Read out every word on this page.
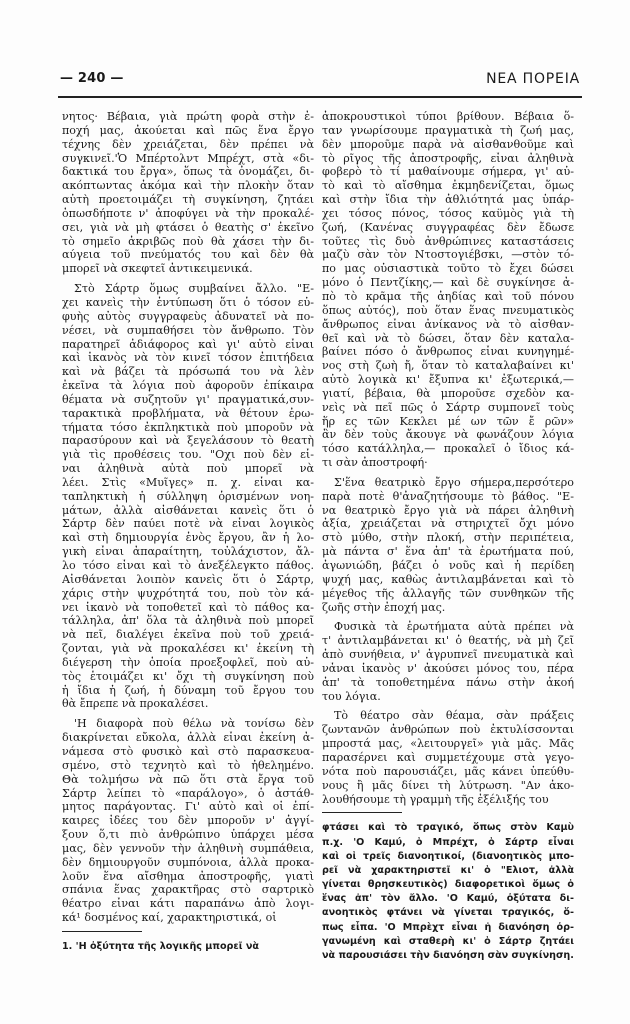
— 240 —	ΝΕΑ ΠΟΡΕΙΑ
νητος· Βέβαια, γιὰ πρώτη φορὰ στὴν ἐ-
ποχή μας, ἀκούεται καὶ πῶς ἕνα ἔργο
τέχνης δὲν χρειάζεται, δὲν πρέπει νὰ
συγκινεῖ.'Ὁ Μπέρτολντ Μπρέχτ, στὰ «δι-
δακτικά του ἔργα», ὅπως τὰ ὀνομάζει, δι-
ακόπτωντας ἀκόμα καὶ τὴν πλοκὴν ὅταν
αὐτὴ προετοιμάζει τὴ συγκίνηση, ζητάει
ὁπωσδήποτε ν' ἀποφύγει νὰ τὴν προκαλέ-
σει, γιὰ νὰ μὴ φτάσει ὁ θεατὴς σ' ἐκεῖνο
τὸ σημεῖο ἀκριβῶς ποὺ θὰ χάσει τὴν δι-
αύγεια τοῦ πνεύματός του καὶ δὲν θὰ
μπορεῖ νὰ σκεφτεῖ ἀντικειμενικά.
Στὸ Σάρτρ ὅμως συμβαίνει ἄλλο. "Ε-
χει κανεὶς τὴν ἐντύπωση ὅτι ὁ τόσον εὐ-
φυὴς αὐτὸς συγγραφεὺς ἀδυνατεῖ νὰ πο-
νέσει, νὰ συμπαθήσει τὸν ἄνθρωπο. Τὸν
παρατηρεῖ ἀδιάφορος καὶ γι' αὐτὸ εἶναι
καὶ ἱκανὸς νὰ τὸν κινεῖ τόσον ἐπιτήδεια
καὶ νὰ βάζει τὰ πρόσωπά του νὰ λὲν
ἐκεῖνα τὰ λόγια ποὺ ἀφοροῦν ἐπίκαιρα
θέματα νὰ συζητοῦν γι' πραγματικά,συν-
ταρακτικὰ προβλήματα, νὰ θέτουν ἐρω-
τήματα τόσο ἐκπληκτικὰ ποὺ μποροῦν νὰ
παρασύρουν καὶ νὰ ξεγελάσουν τὸ θεατὴ
γιὰ τὶς προθέσεις του. "Οχι ποὺ δὲν εἶ-
ναι ἀληθινὰ αὐτὰ ποὺ μπορεῖ νὰ
λέει. Στὶς «Μυῖγες» π. χ. εἶναι κα-
ταπληκτικὴ ἡ σύλληψη ὁρισμένων νοη-
μάτων, ἀλλὰ αἰσθάνεται κανεὶς ὅτι ὁ
Σάρτρ δὲν παύει ποτὲ νὰ εἶναι λογικὸς
καὶ στὴ δημιουργία ἑνὸς ἔργου, ἂν ἡ λο-
γικὴ εἶναι ἀπαραίτητη, τοὐλάχιστον, ἄλ-
λο τόσο εἶναι καὶ τὸ ἀνεξέλεγκτο πάθος.
Αἰσθάνεται λοιπὸν κανεὶς ὅτι ὁ Σάρτρ,
χάρις στὴν ψυχρότητά του, ποὺ τὸν κά-
νει ἱκανὸ νὰ τοποθετεῖ καὶ τὸ πάθος κα-
τάλληλα, ἀπ' ὅλα τὰ ἀληθινὰ ποὺ μπορεῖ
νὰ πεῖ, διαλέγει ἐκεῖνα ποὺ τοῦ χρειά-
ζονται, γιὰ νὰ προκαλέσει κι' ἐκείνη τὴ
διέγερση τὴν ὁποία προεξοφλεῖ, ποὺ αὐ-
τὸς ἑτοιμάζει κι' ὄχι τὴ συγκίνηση ποὺ
ἡ ἴδια ἡ ζωή, ἡ δύναμη τοῦ ἔργου του
θὰ ἔπρεπε νὰ προκαλέσει.
'Η διαφορὰ ποὺ θέλω νὰ τονίσω δὲν
διακρίνεται εὔκολα, ἀλλὰ εἶναι ἐκείνη ἀ-
νάμεσα στὸ φυσικὸ καὶ στὸ παρασκευα-
σμένο, στὸ τεχνητὸ καὶ τὸ ἠθελημένο.
Θὰ τολμήσω νὰ πῶ ὅτι στὰ ἔργα τοῦ
Σάρτρ λείπει τὸ «παράλογο», ὁ ἀστάθ-
μητος παράγοντας. Γι' αὐτὸ καὶ οἱ ἐπί-
καιρες ἰδέες του δὲν μποροῦν ν' ἀγγί-
ξουν ὅ,τι πιὸ ἀνθρώπινο ὑπάρχει μέσα
μας, δὲν γεννοῦν τὴν ἀληθινὴ συμπάθεια,
δὲν δημιουργοῦν συμπόνοια, ἀλλὰ προκα-
λοῦν ἕνα αἴσθημα ἀποστροφῆς, γιατὶ
σπάνια ἕνας χαρακτῆρας στὸ σαρτρικὸ
θέατρο εἶναι κάτι παραπάνω ἀπὸ λογι-
κά¹ δοσμένος καί, χαρακτηριστικά, οἱ
1. 'Η ὀξύτητα τῆς λογικῆς μπορεῖ νὰ
ἀποκρουστικοὶ τύποι βρίθουν. Βέβαια ὅ-
ταν γνωρίσουμε πραγματικὰ τὴ ζωή μας,
δὲν μποροῦμε παρὰ νὰ αἰσθανθοῦμε καὶ
τὸ ρῖγος τῆς ἀποστροφῆς, εἶναι ἀληθινὰ
φοβερὸ τὸ τί μαθαίνουμε σήμερα, γι' αὐ-
τὸ καὶ τὸ αἴσθημα ἐκμηδενίζεται, ὅμως
καὶ στὴν ἴδια τὴν ἀθλιότητά μας ὑπάρ-
χει τόσος πόνος, τόσος καϋμὸς γιὰ τὴ
ζωή, (Κανένας συγγραφέας δὲν ἔδωσε
τοῦτες τὶς δυὸ ἀνθρώπινες καταστάσεις
μαζὺ σὰν τὸν Ντοστογιέβσκι, —στὸν τό-
πο μας οὐσιαστικὰ τοῦτο τὸ ἔχει δώσει
μόνο ὁ Πεντζίκης,— καὶ δὲ συγκίνησε ἀ-
πὸ τὸ κρᾶμα τῆς ἀηδίας καὶ τοῦ πόνου
ὅπως αὐτός), ποὺ ὅταν ἕνας πνευματικὸς
ἄνθρωπος εἶναι ἀνίκανος νὰ τὸ αἰσθαν-
θεῖ καὶ νὰ τὸ δώσει, ὅταν δὲν καταλα-
βαίνει πόσο ὁ ἄνθρωπος εἶναι κυνηγημέ-
νος στὴ ζωὴ ἤ, ὅταν τὸ καταλαβαίνει κι'
αὐτὸ λογικὰ κι' ἔξυπνα κι' ἐξωτερικά,—
γιατί, βέβαια, θὰ μποροῦσε σχεδὸν κα-
νεὶς νὰ πεῖ πῶς ὁ Σάρτρ συμπονεῖ τοὺς
ἥρ ες τῶν Κεκλει μέ ων τῶν ἔ ρῶν»
ἂν δὲν τοὺς ἄκουγε νὰ φωνάζουν λόγια
τόσο κατάλληλα,— προκαλεῖ ὁ ἴδιος κά-
τι σὰν ἀποστροφή·
Σ'ἕνα θεατρικὸ ἔργο σήμερα,περσότερο
παρὰ ποτὲ θ'ἀναζητήσουμε τὸ βάθος. "Ε-
να θεατρικὸ ἔργο γιὰ νὰ πάρει ἀληθινὴ
ἀξία, χρειάζεται νὰ στηριχτεῖ ὄχι μόνο
στὸ μύθο, στὴν πλοκή, στὴν περιπέτεια,
μὰ πάντα σ' ἕνα ἀπ' τὰ ἐρωτήματα πού,
ἀγωνιώδη, βάζει ὁ νοῦς καὶ ἡ περίδεη
ψυχή μας, καθὼς ἀντιλαμβάνεται καὶ τὸ
μέγεθος τῆς ἀλλαγῆς τῶν συνθηκῶν τῆς
ζωῆς στὴν ἐποχή μας.
Φυσικὰ τὰ ἐρωτήματα αὐτὰ πρέπει νὰ
τ' ἀντιλαμβάνεται κι' ὁ θεατής, νὰ μὴ ζεῖ
ἀπὸ συνήθεια, ν' ἀγρυπνεῖ πνευματικὰ καὶ
νἆναι ἱκανὸς ν' ἀκούσει μόνος του, πέρα
ἀπ' τὰ τοποθετημένα πάνω στὴν ἀκοή
του λόγια.
Τὸ θέατρο σὰν θέαμα, σὰν πράξεις
ζωντανῶν ἀνθρώπων ποὺ ἐκτυλίσσονται
μπροστά μας, «λειτουργεῖ» γιὰ μᾶς. Μᾶς
παρασέρνει καὶ συμμετέχουμε στὰ γεγο-
νότα ποὺ παρουσιάζει, μᾶς κάνει ὑπεύθυ-
νους ἢ μᾶς δίνει τὴ λύτρωση. "Αν ἀκο-
λουθήσουμε τὴ γραμμὴ τῆς ἐξέλιξής του
φτάσει καὶ τὸ τραγικό, ὅπως στὸν Καμὺ
π.χ. 'Ο Καμύ, ὁ Μπρέχτ, ὁ Σάρτρ εἶναι
καὶ οἱ τρεῖς διανοητικοί, (διανοητικὸς μπο-
ρεῖ νὰ χαρακτηριστεῖ κι' ὁ "Ελιοτ, ἀλλὰ
γίνεται θρησκευτικὸς) διαφορετικοὶ ὅμως ὁ
ἕνας ἀπ' τὸν ἄλλο. 'Ο Καμύ, ὀξύτατα δι-
ανοητικὸς φτάνει νὰ γίνεται τραγικός, ὅ-
πως εἶπα. 'Ο Μπρὲχτ εἶναι ἡ διανόηση ὀρ-
γανωμένη καὶ σταθερὴ κι' ὁ Σάρτρ ζητάει
νὰ παρουσιάσει τὴν διανόηση σὰν συγκίνηση.
